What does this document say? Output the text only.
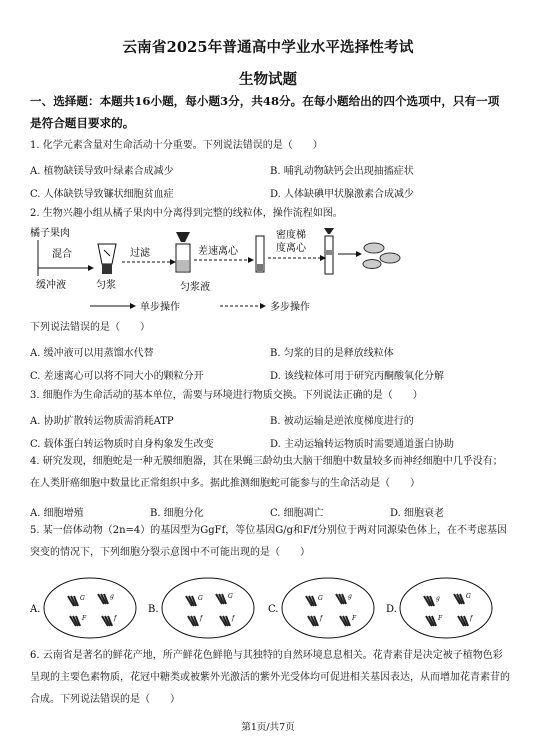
云南省2025年普通高中学业水平选择性考试
生物试题
一、选择题：本题共16小题，每小题3分，共48分。在每小题给出的四个选项中，只有一项是符合题目要求的。
1. 化学元素含量对生命活动十分重要。下列说法错误的是（　　）
A. 植物缺镁导致叶绿素合成减少	B. 哺乳动物缺钙会出现抽搐症状
C. 人体缺铁导致镰状细胞贫血症	D. 人体缺碘甲状腺激素合成减少
2. 生物兴趣小组从橘子果肉中分离得到完整的线粒体，操作流程如图。
橘子果肉
混合
缓冲液	匀浆
过滤	差速离心
匀浆液
密度梯
度离心
单步操作	多步操作
下列说法错误的是（　　）
A. 缓冲液可以用蒸馏水代替	B. 匀浆的目的是释放线粒体
C. 差速离心可以将不同大小的颗粒分开	D. 该线粒体可用于研究丙酮酸氧化分解
3. 细胞作为生命活动的基本单位，需要与环境进行物质交换。下列说法正确的是（　　）
A. 协助扩散转运物质需消耗ATP	B. 被动运输是逆浓度梯度进行的
C. 载体蛋白转运物质时自身构象发生改变	D. 主动运输转运物质时需要通道蛋白协助
4. 研究发现，细胞蛇是一种无膜细胞器，其在果蝇三龄幼虫大脑干细胞中数量较多而神经细胞中几乎没有；在人类肝癌细胞中数量比正常组织中多。据此推测细胞蛇可能参与的生命活动是（　　）
A. 细胞增殖	B. 细胞分化	C. 细胞凋亡	D. 细胞衰老
5. 某一倍体动物（2n=4）的基因型为GgFf，等位基因G/g和F/f分别位于两对同源染色体上，在不考虑基因突变的情况下，下列细胞分裂示意图中不可能出现的是（　　）
A.
G	g
F	f
B.
G	G
f	f
C.
G	g
f	F
D.
g	G
F	f
6. 云南省是著名的鲜花产地，所产鲜花色鲜艳与其独特的自然环境息息相关。花青素苷是决定被子植物色彩呈现的主要色素物质，花冠中糖类或被紫外光激活的紫外光受体均可促进相关基因表达，从而增加花青素苷的合成。下列说法错误的是（　　）
第1页/共7页
